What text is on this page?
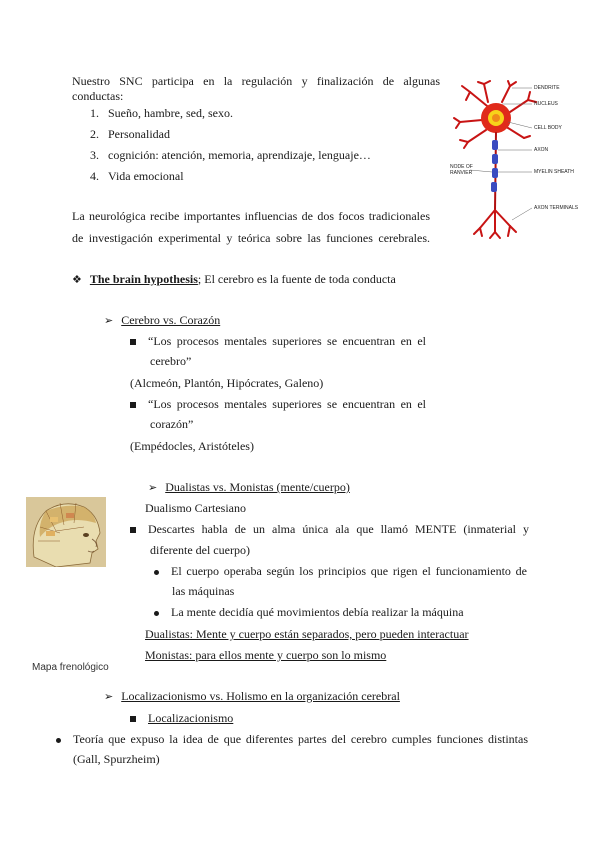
Nuestro SNC participa en la regulación y finalización de algunas
conductas:
1. Sueño, hambre, sed, sexo.
2. Personalidad
3. cognición: atención, memoria, aprendizaje, lenguaje…
4. Vida emocional
La neurológica recibe importantes influencias de dos focos tradicionales
de investigación experimental y teórica sobre las funciones cerebrales.
DENDRITE
NUCLEUS
CELL BODY
AXON
NODE OF
RANVIER	MYELIN SHEATH
AXON TERMINALS
❖ The brain hypothesis; El cerebro es la fuente de toda conducta
➢ Cerebro vs. Corazón
“Los procesos mentales superiores se encuentran en el
cerebro”
(Alcmeón, Plantón, Hipócrates, Galeno)
“Los procesos mentales superiores se encuentran en el
corazón”
(Empédocles, Aristóteles)
Mapa frenológico
➢ Dualistas vs. Monistas (mente/cuerpo)
Dualismo Cartesiano
Descartes habla de un alma única ala que llamó MENTE (inmaterial y
diferente del cuerpo)
El cuerpo operaba según los principios que rigen el funcionamiento de
las máquinas
La mente decidía qué movimientos debía realizar la máquina
Dualistas: Mente y cuerpo están separados, pero pueden interactuar
Monistas: para ellos mente y cuerpo son lo mismo
➢ Localizacionismo vs. Holismo en la organización cerebral
Localizacionismo
Teoría que expuso la idea de que diferentes partes del cerebro cumples funciones distintas
(Gall, Spurzheim)
